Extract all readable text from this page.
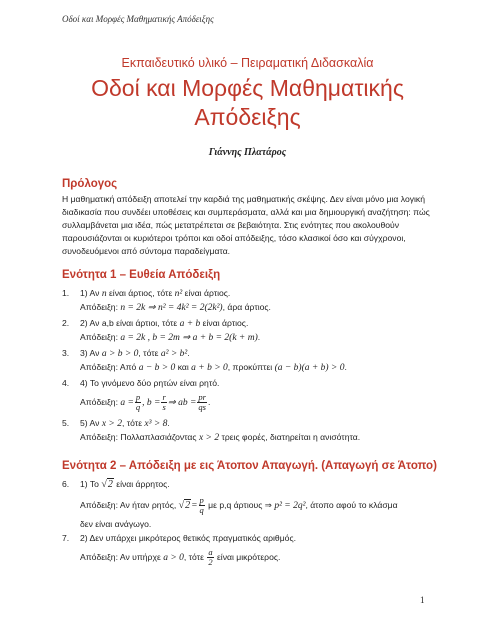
Οδοί και Μορφές Μαθηματικής Απόδειξης
Εκπαιδευτικό υλικό – Πειραματική Διδασκαλία
Οδοί και Μορφές Μαθηματικής
Απόδειξης
Γιάννης Πλατάρος
Πρόλογος
Η μαθηματική απόδειξη αποτελεί την καρδιά της μαθηματικής σκέψης. Δεν είναι μόνο μια λογική διαδικασία που συνδέει υποθέσεις και συμπεράσματα, αλλά και μια δημιουργική αναζήτηση: πώς συλλαμβάνεται μια ιδέα, πώς μετατρέπεται σε βεβαιότητα. Στις ενότητες που ακολουθούν παρουσιάζονται οι κυριότεροι τρόποι και οδοί απόδειξης, τόσο κλασικοί όσο και σύγχρονοι, συνοδευόμενοι από σύντομα παραδείγματα.
Ενότητα 1 – Ευθεία Απόδειξη
1. 1) Αν n είναι άρτιος, τότε n² είναι άρτιος.
Απόδειξη: n = 2k ⇒ n² = 4k² = 2(2k²), άρα άρτιος.
2. 2) Αν a,b είναι άρτιοι, τότε a + b είναι άρτιος.
Απόδειξη: a = 2k , b = 2m ⇒ a + b = 2(k + m).
3. 3) Αν a > b > 0, τότε a² > b².
Απόδειξη: Από a − b > 0 και a + b > 0, προκύπτει (a − b)(a + b) > 0.
4. 4) Το γινόμενο δύο ρητών είναι ρητό.
Απόδειξη: $a = \frac{p}{q}$ , $b = \frac{r}{s}$ ⇒ ab = $\frac{pr}{qs}$ .
5. 5) Αν x > 2, τότε x³ > 8.
Απόδειξη: Πολλαπλασιάζοντας x > 2 τρεις φορές, διατηρείται η ανισότητα.
Ενότητα 2 – Απόδειξη με εις Άτοπον Απαγωγή. (Απαγωγή σε Άτοπο)
6. 1) Το √2 είναι άρρητος.
Απόδειξη: Αν ήταν ρητός, $√2= \frac{p}{q}$ με p,q άρτιους ⇒ p² = 2q², άτοπο αφού το κλάσμα
δεν είναι ανάγωγο.
7. 2) Δεν υπάρχει μικρότερος θετικός πραγματικός αριθμός.
Απόδειξη: Αν υπήρχε a > 0, τότε $\frac{a}{2}$ είναι μικρότερος.
1
